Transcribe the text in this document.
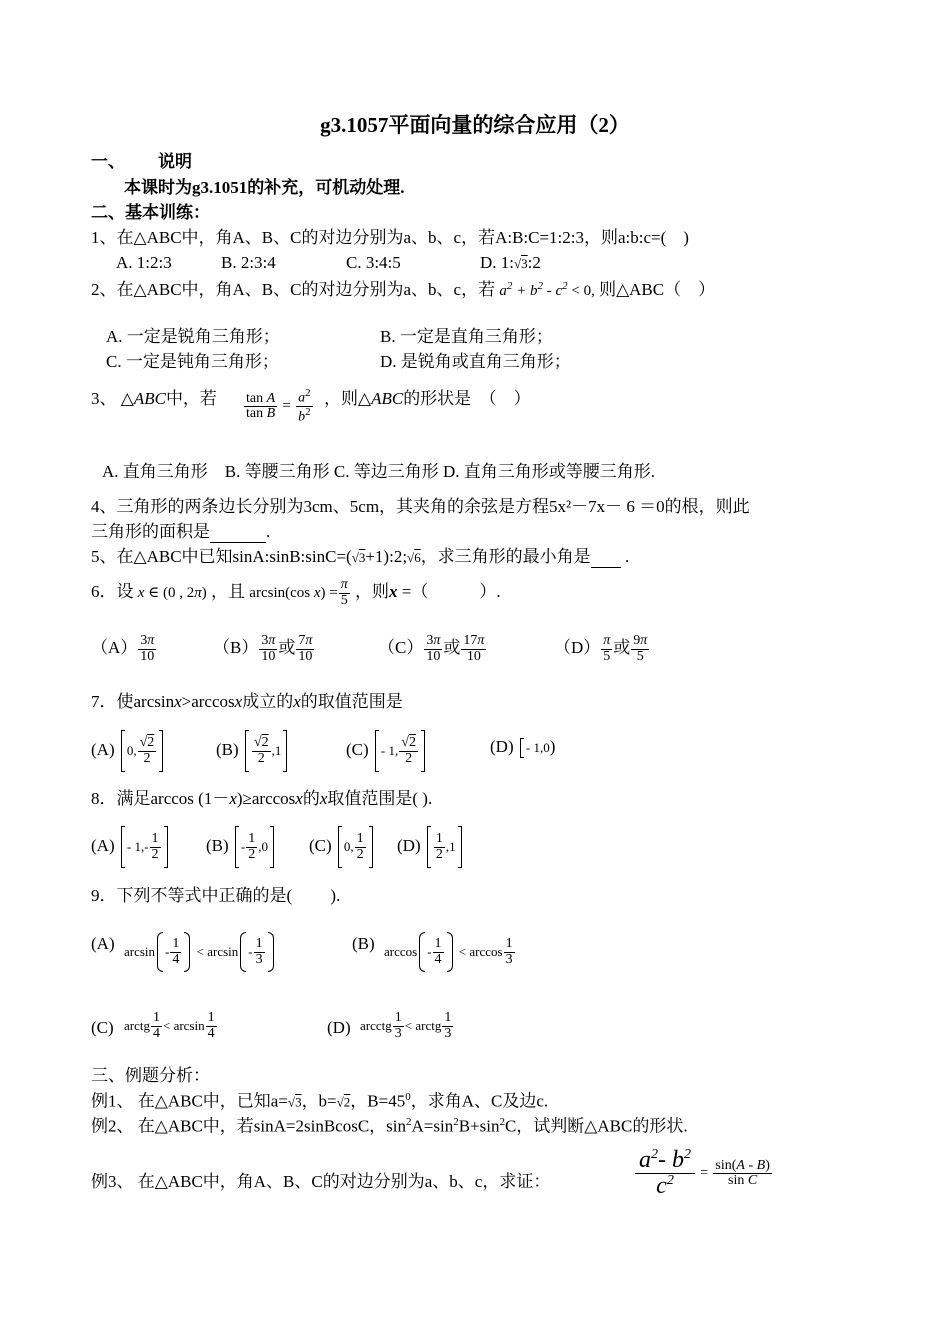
g3.1057平面向量的综合应用（2）
一、 说明
本课时为g3.1051的补充，可机动处理.
二、基本训练：
1、在△ABC中，角A、B、C的对边分别为a、b、c，若A:B:C=1:2:3，则a:b:c=(　)
A. 1:2:3	B. 2:3:4	C. 3:4:5	D. 1:√3:2
2、在△ABC中，角A、B、C的对边分别为a、b、c，若 $a^2 + b^2 - c^2 < 0$, 则△ABC（　）
A. 一定是锐角三角形；	B. 一定是直角三角形；
C. 一定是钝角三角形；	D. 是锐角或直角三角形；
3、 △ABC中，若 $\frac{\text{tan A}}{\text{tan B}} = \frac{a^2}{b^2}$ ，则△ABC的形状是　（　）
A. 直角三角形　B. 等腰三角形 C. 等边三角形 D. 直角三角形或等腰三角形.
4、三角形的两条边长分别为3cm、5cm，其夹角的余弦是方程5x²－7x－ 6 ＝0的根，则此
三角形的面积是	.
5、在△ABC中已知sinA:sinB:sinC=(√3+1):2;√6，求三角形的最小角是 .
6．设 x ∈ (0 , 2π) ，且 arcsin(cos $x) = \frac{\pi}{5}$ ，则x =（　　　）.
$(A) \frac{3\pi}{10}$	$(B) \frac{3\pi}{10}$ 或 $\frac{7\pi}{10}$	$(C) \frac{3\pi}{10}$ 或 $\frac{17\pi}{10}$	$(D) \frac{\pi}{5}$ 或 $\frac{9\pi}{5}$
7．使arcsinx>arccosx成立的x的取值范围是
(A) 0, $\frac{√2}{2}$	$(B) \frac{√2}{2} ,1$	(C) - 1, $\frac{√2}{2}$	(D) - 1,0)
8．满足arccos (1－x)≥arccosx的x取值范围是( ).
$(A) - 1,- \frac{1}{2}$	$(B) - \frac{1}{2} ,0$	(C) 0, $\frac{1}{2} (D) \frac{1}{2} ,1$
9．下列不等式中正确的是(　　 ).
(A) $\arcsin - \frac{1}{4} < \arcsin - \frac{1}{3}$	(B) $\arccos - \frac{1}{4} < \arccos \frac{1}{3}$
(C) arctg $\frac{1}{4} < \arcsin \frac{1}{4}$	(D) arcctg $\frac{1}{3}$ < arctg $\frac{1}{3}$
三、例题分析：
例1、 在△ABC中，已知a=√3，b=√2，$B=45^0$，求角A、C及边c.
例2、 在△ABC中，若sinA=2sinBcosC，$\sin^2A=\sin^2B+\sin^2C$，试判断△ABC的形状.
例3、 在△ABC中，角A、B、C的对边分别为a、b、c，求证：	$\frac{a^2- b^2}{c^2} = \frac{\sin(A - B)}{\text{sin C}}$
